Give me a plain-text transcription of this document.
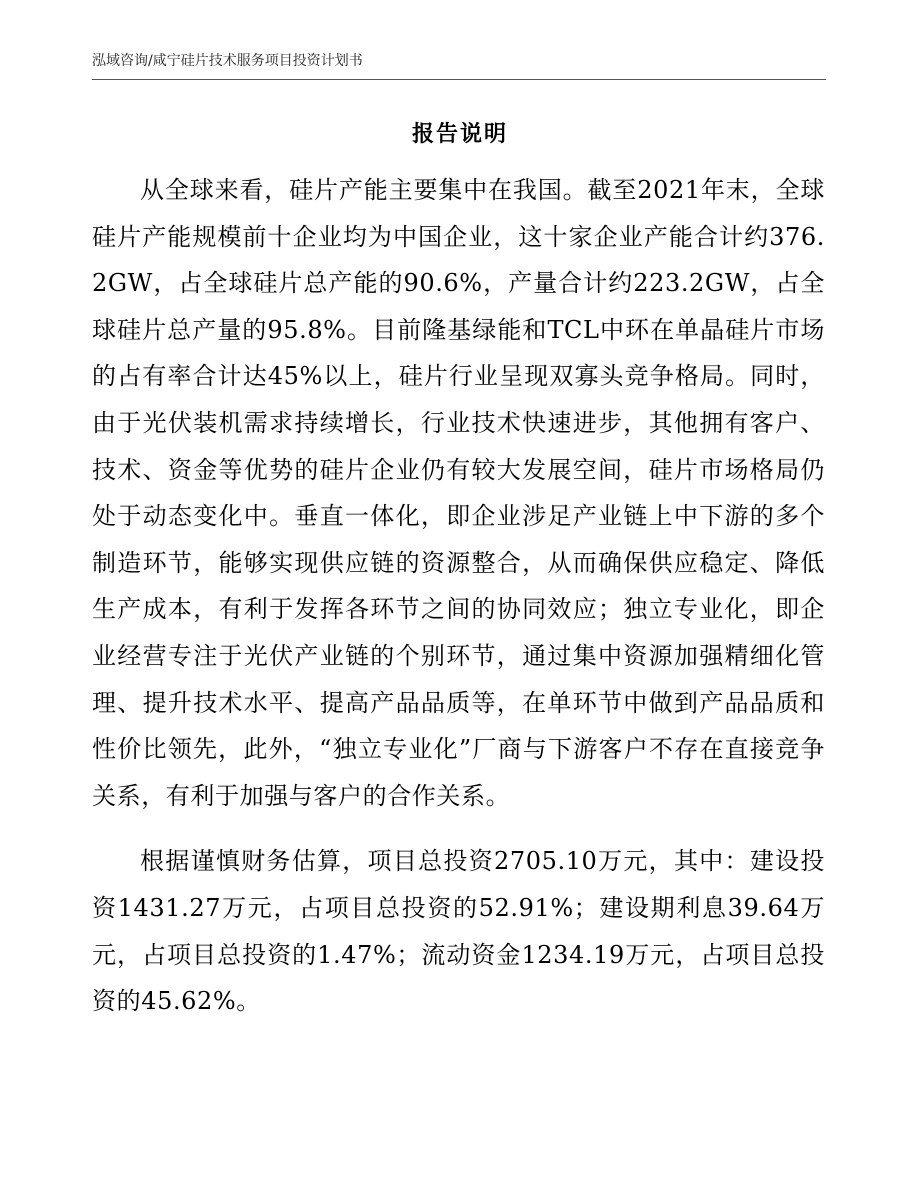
泓域咨询/咸宁硅片技术服务项目投资计划书
报告说明

从全球来看，硅片产能主要集中在我国。截至2021年末，全球硅片产能规模前十企业均为中国企业，这十家企业产能合计约376.2GW，占全球硅片总产能的90.6%，产量合计约223.2GW，占全球硅片总产量的95.8%。目前隆基绿能和TCL中环在单晶硅片市场的占有率合计达45%以上，硅片行业呈现双寡头竞争格局。同时，由于光伏装机需求持续增长，行业技术快速进步，其他拥有客户、技术、资金等优势的硅片企业仍有较大发展空间，硅片市场格局仍处于动态变化中。垂直一体化，即企业涉足产业链上中下游的多个制造环节，能够实现供应链的资源整合，从而确保供应稳定、降低生产成本，有利于发挥各环节之间的协同效应；独立专业化，即企业经营专注于光伏产业链的个别环节，通过集中资源加强精细化管理、提升技术水平、提高产品品质等，在单环节中做到产品品质和性价比领先，此外，“独立专业化”厂商与下游客户不存在直接竞争关系，有利于加强与客户的合作关系。

根据谨慎财务估算，项目总投资2705.10万元，其中：建设投资1431.27万元，占项目总投资的52.91%；建设期利息39.64万元，占项目总投资的1.47%；流动资金1234.19万元，占项目总投资的45.62%。
